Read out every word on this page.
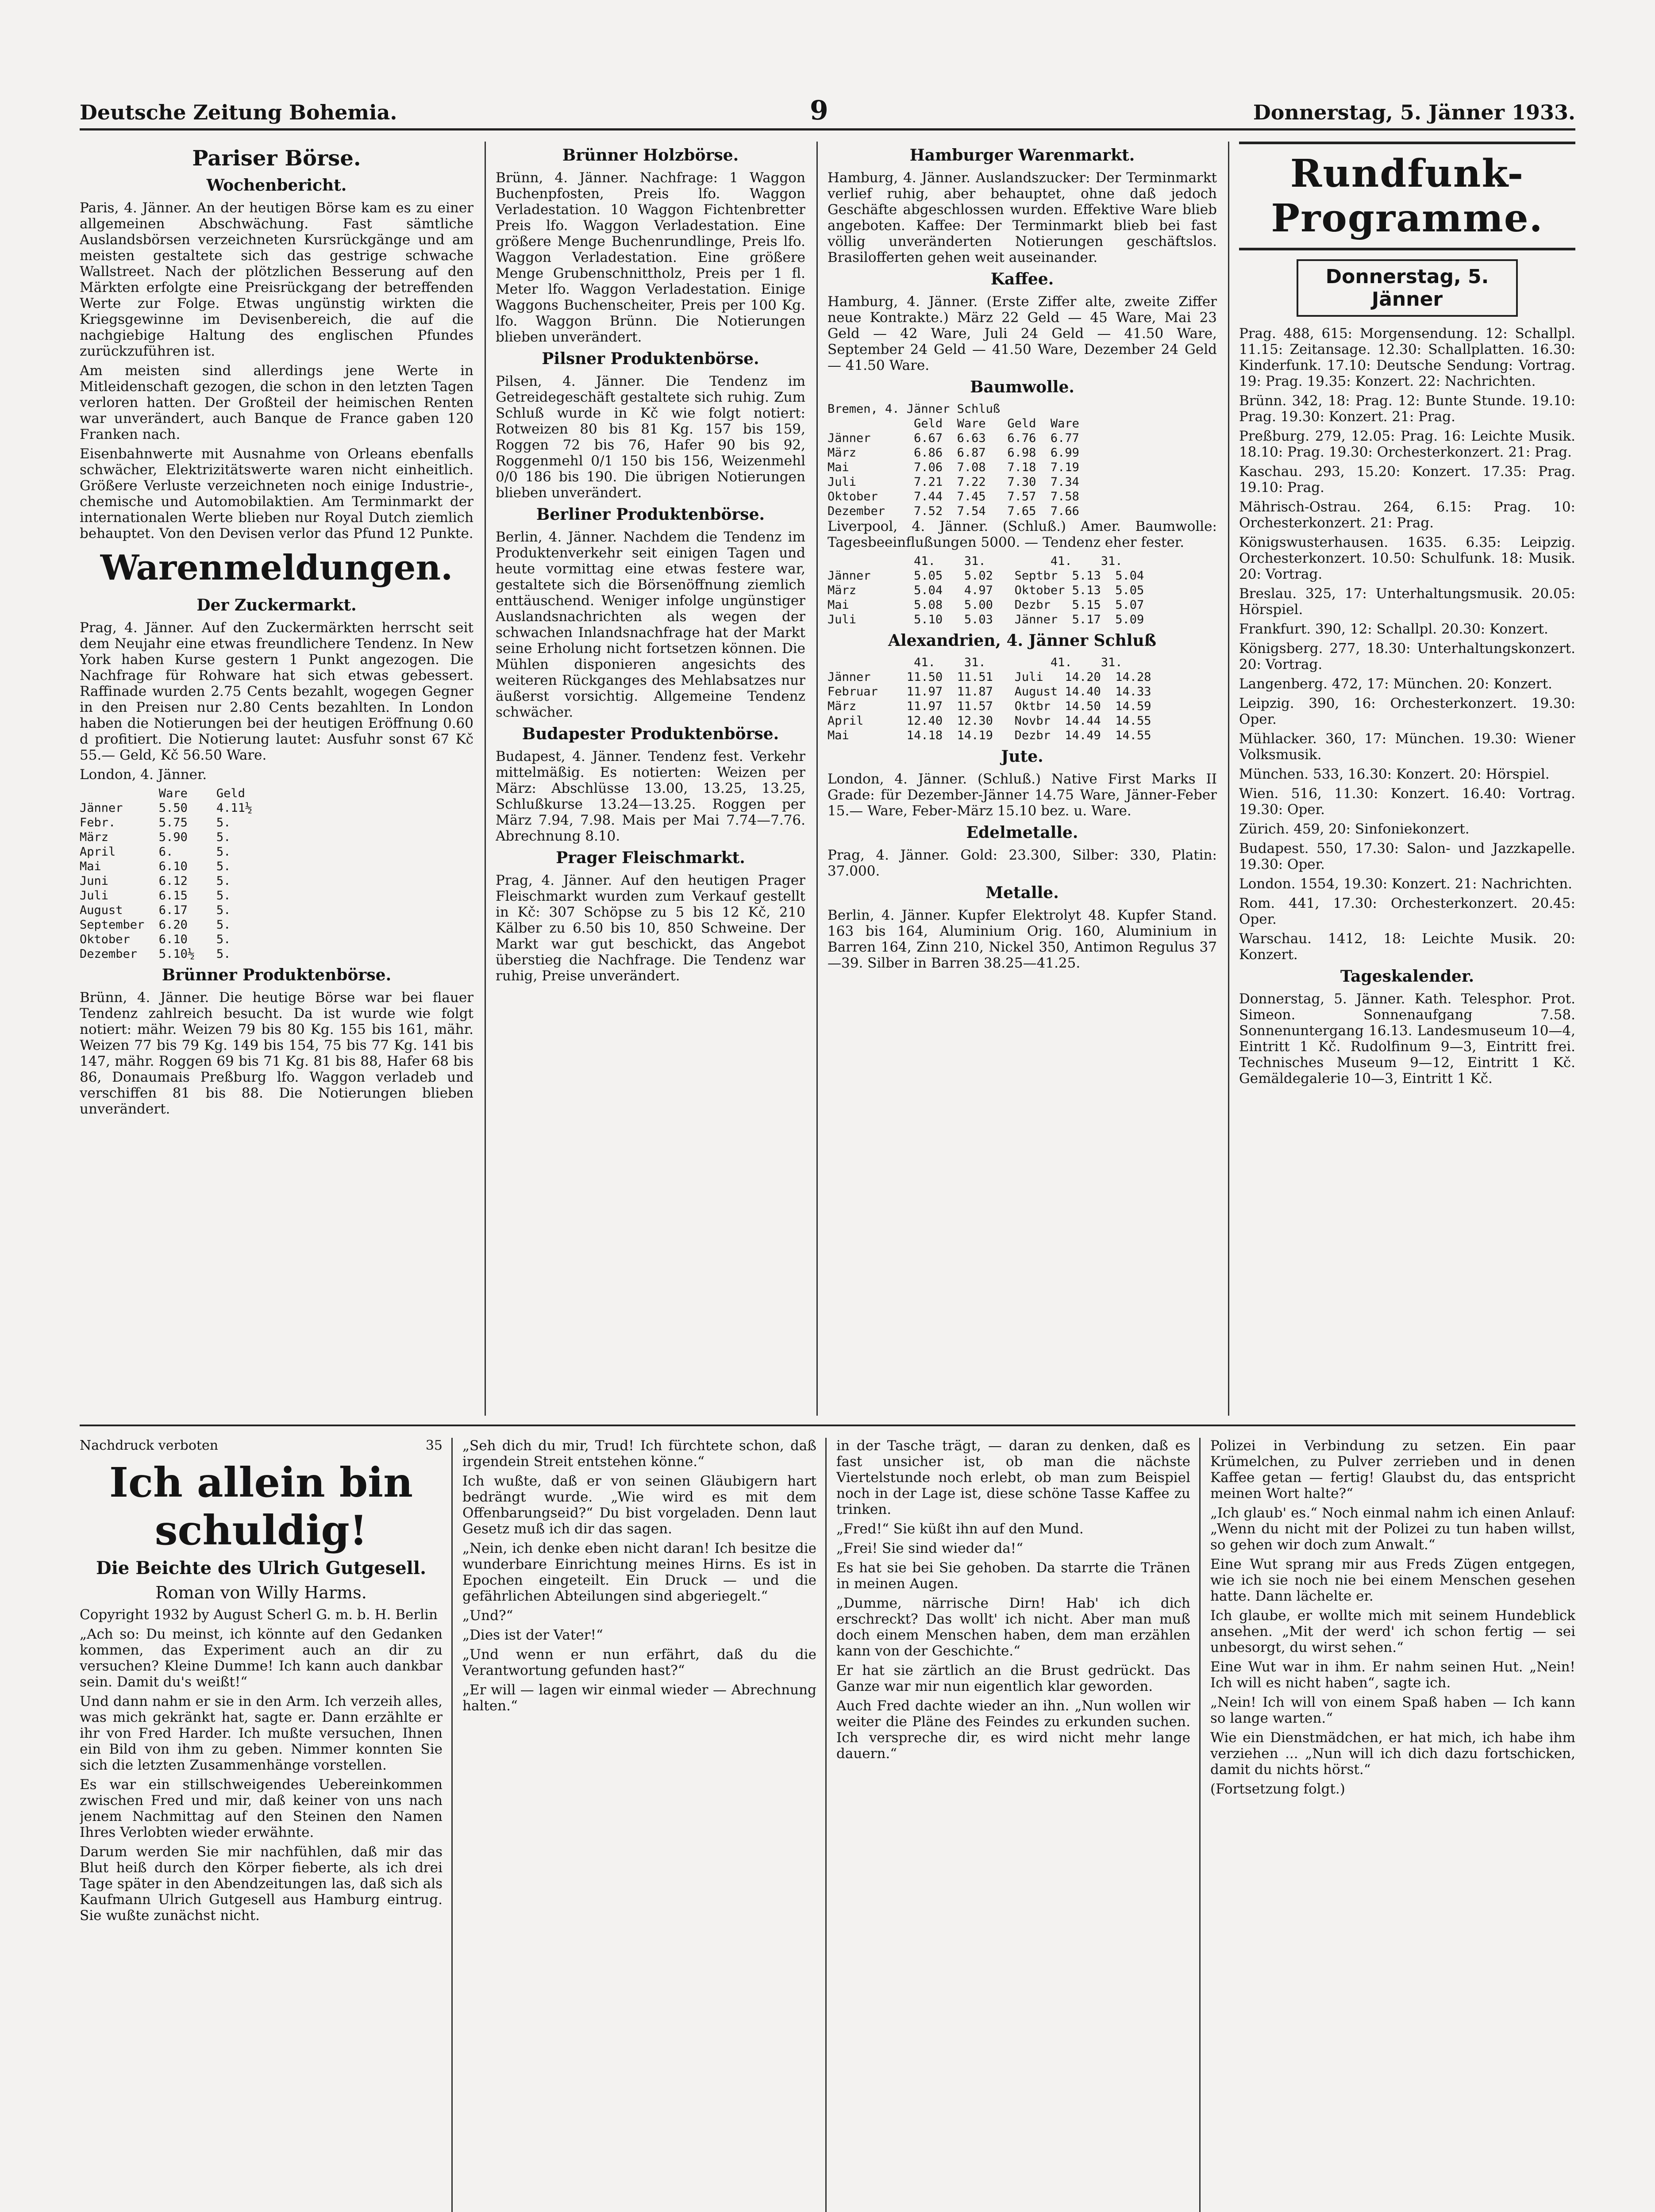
Deutsche Zeitung Bohemia.	9	Donnerstag, 5. Jänner 1933.
Pariser Börse.
Wochenbericht.

Paris, 4. Jänner. An der heutigen Börse kam es zu einer allgemeinen Abschwächung. Fast sämtliche Auslandsbörsen verzeichneten Kursrückgänge und am meisten gestaltete sich das gestrige schwache Wallstreet. Nach der plötzlichen Besserung auf den Märkten erfolgte eine Preisrückgang der betreffenden Werte zur Folge. Etwas ungünstig wirkten die Kriegsgewinne im Devisenbereich, die auf die nachgiebige Haltung des englischen Pfundes zurückzuführen ist.

Am meisten sind allerdings jene Werte in Mitleidenschaft gezogen, die schon in den letzten Tagen verloren hatten. Der Großteil der heimischen Renten war unverändert, auch Banque de France gaben 120 Franken nach.

Eisenbahnwerte mit Ausnahme von Orleans ebenfalls schwächer, Elektrizitätswerte waren nicht einheitlich. Größere Verluste verzeichneten noch einige Industrie-, chemische und Automobilaktien. Am Terminmarkt der internationalen Werte blieben nur Royal Dutch ziemlich behauptet. Von den Devisen verlor das Pfund 12 Punkte.

Warenmeldungen.
Der Zuckermarkt.

Prag, 4. Jänner. Auf den Zuckermärkten herrscht seit dem Neujahr eine etwas freundlichere Tendenz. In New York haben Kurse gestern 1 Punkt angezogen. Die Nachfrage für Rohware hat sich etwas gebessert. Raffinade wurden 2.75 Cents bezahlt, wogegen Gegner in den Preisen nur 2.80 Cents bezahlten. In London haben die Notierungen bei der heutigen Eröffnung 0.60 d profitiert. Die Notierung lautet: Ausfuhr sonst 67 Kč 55.— Geld, Kč 56.50 Ware.

London, 4. Jänner.

Ware    Geld
Jänner     5.50    4.11½
Febr.      5.75    5.
März       5.90    5.
April      6.      5.
Mai        6.10    5.
Juni       6.12    5.
Juli       6.15    5.
August     6.17    5.
September  6.20    5.
Oktober    6.10    5.
Dezember   5.10½   5.
Brünner Produktenbörse.

Brünn, 4. Jänner. Die heutige Börse war bei flauer Tendenz zahlreich besucht. Da ist wurde wie folgt notiert: mähr. Weizen 79 bis 80 Kg. 155 bis 161, mähr. Weizen 77 bis 79 Kg. 149 bis 154, 75 bis 77 Kg. 141 bis 147, mähr. Roggen 69 bis 71 Kg. 81 bis 88, Hafer 68 bis 86, Donaumais Preßburg lfo. Waggon verladeb und verschiffen 81 bis 88. Die Notierungen blieben unverändert.

Brünner Holzbörse.

Brünn, 4. Jänner. Nachfrage: 1 Waggon Buchenpfosten, Preis lfo. Waggon Verladestation. 10 Waggon Fichtenbretter Preis lfo. Waggon Verladestation. Eine größere Menge Buchenrundlinge, Preis lfo. Waggon Verladestation. Eine größere Menge Grubenschnittholz, Preis per 1 fl. Meter lfo. Waggon Verladestation. Einige Waggons Buchenscheiter, Preis per 100 Kg. lfo. Waggon Brünn. Die Notierungen blieben unverändert.

Pilsner Produktenbörse.

Pilsen, 4. Jänner. Die Tendenz im Getreidegeschäft gestaltete sich ruhig. Zum Schluß wurde in Kč wie folgt notiert: Rotweizen 80 bis 81 Kg. 157 bis 159, Roggen 72 bis 76, Hafer 90 bis 92, Roggenmehl 0/1 150 bis 156, Weizenmehl 0/0 186 bis 190. Die übrigen Notierungen blieben unverändert.

Berliner Produktenbörse.

Berlin, 4. Jänner. Nachdem die Tendenz im Produktenverkehr seit einigen Tagen und heute vormittag eine etwas festere war, gestaltete sich die Börsenöffnung ziemlich enttäuschend. Weniger infolge ungünstiger Auslandsnachrichten als wegen der schwachen Inlandsnachfrage hat der Markt seine Erholung nicht fortsetzen können. Die Mühlen disponieren angesichts des weiteren Rückganges des Mehlabsatzes nur äußerst vorsichtig. Allgemeine Tendenz schwächer.

Budapester Produktenbörse.

Budapest, 4. Jänner. Tendenz fest. Verkehr mittelmäßig. Es notierten: Weizen per März: Abschlüsse 13.00, 13.25, 13.25, Schlußkurse 13.24—13.25. Roggen per März 7.94, 7.98. Mais per Mai 7.74—7.76. Abrechnung 8.10.

Prager Fleischmarkt.

Prag, 4. Jänner. Auf den heutigen Prager Fleischmarkt wurden zum Verkauf gestellt in Kč: 307 Schöpse zu 5 bis 12 Kč, 210 Kälber zu 6.50 bis 10, 850 Schweine. Der Markt war gut beschickt, das Angebot überstieg die Nachfrage. Die Tendenz war ruhig, Preise unverändert.

Hamburger Warenmarkt.

Hamburg, 4. Jänner. Auslandszucker: Der Terminmarkt verlief ruhig, aber behauptet, ohne daß jedoch Geschäfte abgeschlossen wurden. Effektive Ware blieb angeboten. Kaffee: Der Terminmarkt blieb bei fast völlig unveränderten Notierungen geschäftslos. Brasilofferten gehen weit auseinander.

Kaffee.

Hamburg, 4. Jänner. (Erste Ziffer alte, zweite Ziffer neue Kontrakte.) März 22 Geld — 45 Ware, Mai 23 Geld — 42 Ware, Juli 24 Geld — 41.50 Ware, September 24 Geld — 41.50 Ware, Dezember 24 Geld — 41.50 Ware.

Baumwolle.
Bremen, 4. Jänner Schluß
Geld  Ware   Geld  Ware
Jänner      6.67  6.63   6.76  6.77
März        6.86  6.87   6.98  6.99
Mai         7.06  7.08   7.18  7.19
Juli        7.21  7.22   7.30  7.34
Oktober     7.44  7.45   7.57  7.58
Dezember    7.52  7.54   7.65  7.66

Liverpool, 4. Jänner. (Schluß.) Amer. Baumwolle: Tagesbeeinflußungen 5000. — Tendenz eher fester.

41.    31.         41.    31.
Jänner      5.05   5.02   Septbr  5.13  5.04
März        5.04   4.97   Oktober 5.13  5.05
Mai         5.08   5.00   Dezbr   5.15  5.07
Juli        5.10   5.03   Jänner  5.17  5.09
Alexandrien, 4. Jänner Schluß
41.    31.         41.    31.
Jänner     11.50  11.51   Juli   14.20  14.28
Februar    11.97  11.87   August 14.40  14.33
März       11.97  11.57   Oktbr  14.50  14.59
April      12.40  12.30   Novbr  14.44  14.55
Mai        14.18  14.19   Dezbr  14.49  14.55
Jute.

London, 4. Jänner. (Schluß.) Native First Marks II Grade: für Dezember-Jänner 14.75 Ware, Jänner-Feber 15.— Ware, Feber-März 15.10 bez. u. Ware.

Edelmetalle.

Prag, 4. Jänner. Gold: 23.300, Silber: 330, Platin: 37.000.

Metalle.

Berlin, 4. Jänner. Kupfer Elektrolyt 48. Kupfer Stand. 163 bis 164, Aluminium Orig. 160, Aluminium in Barren 164, Zinn 210, Nickel 350, Antimon Regulus 37—39. Silber in Barren 38.25—41.25.

Rundfunk-Programme.
Donnerstag, 5. Jänner

Prag. 488, 615: Morgensendung. 12: Schallpl. 11.15: Zeitansage. 12.30: Schallplatten. 16.30: Kinderfunk. 17.10: Deutsche Sendung: Vortrag. 19: Prag. 19.35: Konzert. 22: Nachrichten.

Brünn. 342, 18: Prag. 12: Bunte Stunde. 19.10: Prag. 19.30: Konzert. 21: Prag.

Preßburg. 279, 12.05: Prag. 16: Leichte Musik. 18.10: Prag. 19.30: Orchesterkonzert. 21: Prag.

Kaschau. 293, 15.20: Konzert. 17.35: Prag. 19.10: Prag.

Mährisch-Ostrau. 264, 6.15: Prag. 10: Orchesterkonzert. 21: Prag.

Königswusterhausen. 1635. 6.35: Leipzig. Orchesterkonzert. 10.50: Schulfunk. 18: Musik. 20: Vortrag.

Breslau. 325, 17: Unterhaltungsmusik. 20.05: Hörspiel.

Frankfurt. 390, 12: Schallpl. 20.30: Konzert.

Königsberg. 277, 18.30: Unterhaltungskonzert. 20: Vortrag.

Langenberg. 472, 17: München. 20: Konzert.

Leipzig. 390, 16: Orchesterkonzert. 19.30: Oper.

Mühlacker. 360, 17: München. 19.30: Wiener Volksmusik.

München. 533, 16.30: Konzert. 20: Hörspiel.

Wien. 516, 11.30: Konzert. 16.40: Vortrag. 19.30: Oper.

Zürich. 459, 20: Sinfoniekonzert.

Budapest. 550, 17.30: Salon- und Jazzkapelle. 19.30: Oper.

London. 1554, 19.30: Konzert. 21: Nachrichten.

Rom. 441, 17.30: Orchesterkonzert. 20.45: Oper.

Warschau. 1412, 18: Leichte Musik. 20: Konzert.

Tageskalender.

Donnerstag, 5. Jänner. Kath. Telesphor. Prot. Simeon. Sonnenaufgang 7.58. Sonnenuntergang 16.13. Landesmuseum 10—4, Eintritt 1 Kč. Rudolfinum 9—3, Eintritt frei. Technisches Museum 9—12, Eintritt 1 Kč. Gemäldegalerie 10—3, Eintritt 1 Kč.

Nachdruck verboten	35
Ich allein bin schuldig!
Die Beichte des Ulrich Gutgesell.
Roman von Willy Harms.

Copyright 1932 by August Scherl G. m. b. H. Berlin

„Ach so: Du meinst, ich könnte auf den Gedanken kommen, das Experiment auch an dir zu versuchen? Kleine Dumme! Ich kann auch dankbar sein. Damit du's weißt!“

Und dann nahm er sie in den Arm. Ich verzeih alles, was mich gekränkt hat, sagte er. Dann erzählte er ihr von Fred Harder. Ich mußte versuchen, Ihnen ein Bild von ihm zu geben. Nimmer konnten Sie sich die letzten Zusammenhänge vorstellen.

Es war ein stillschweigendes Uebereinkommen zwischen Fred und mir, daß keiner von uns nach jenem Nachmittag auf den Steinen den Namen Ihres Verlobten wieder erwähnte.

Darum werden Sie mir nachfühlen, daß mir das Blut heiß durch den Körper fieberte, als ich drei Tage später in den Abendzeitungen las, daß sich als Kaufmann Ulrich Gutgesell aus Hamburg eintrug. Sie wußte zunächst nicht.

„Seh dich du mir, Trud! Ich fürchtete schon, daß irgendein Streit entstehen könne.“

Ich wußte, daß er von seinen Gläubigern hart bedrängt wurde. „Wie wird es mit dem Offenbarungseid?“ Du bist vorgeladen. Denn laut Gesetz muß ich dir das sagen.

„Nein, ich denke eben nicht daran! Ich besitze die wunderbare Einrichtung meines Hirns. Es ist in Epochen eingeteilt. Ein Druck — und die gefährlichen Abteilungen sind abgeriegelt.“

„Und?“

„Dies ist der Vater!“

„Und wenn er nun erfährt, daß du die Verantwortung gefunden hast?“

„Er will — lagen wir einmal wieder — Abrechnung halten.“

in der Tasche trägt, — daran zu denken, daß es fast unsicher ist, ob man die nächste Viertelstunde noch erlebt, ob man zum Beispiel noch in der Lage ist, diese schöne Tasse Kaffee zu trinken.

„Fred!“ Sie küßt ihn auf den Mund.

„Frei! Sie sind wieder da!“

Es hat sie bei Sie gehoben. Da starrte die Tränen in meinen Augen.

„Dumme, närrische Dirn! Hab' ich dich erschreckt? Das wollt' ich nicht. Aber man muß doch einem Menschen haben, dem man erzählen kann von der Geschichte.“

Er hat sie zärtlich an die Brust gedrückt. Das Ganze war mir nun eigentlich klar geworden.

Auch Fred dachte wieder an ihn. „Nun wollen wir weiter die Pläne des Feindes zu erkunden suchen. Ich verspreche dir, es wird nicht mehr lange dauern.“

Polizei in Verbindung zu setzen. Ein paar Krümelchen, zu Pulver zerrieben und in denen Kaffee getan — fertig! Glaubst du, das entspricht meinen Wort halte?“

„Ich glaub' es.“ Noch einmal nahm ich einen Anlauf: „Wenn du nicht mit der Polizei zu tun haben willst, so gehen wir doch zum Anwalt.“

Eine Wut sprang mir aus Freds Zügen entgegen, wie ich sie noch nie bei einem Menschen gesehen hatte. Dann lächelte er.

Ich glaube, er wollte mich mit seinem Hundeblick ansehen. „Mit der werd' ich schon fertig — sei unbesorgt, du wirst sehen.“

Eine Wut war in ihm. Er nahm seinen Hut. „Nein! Ich will es nicht haben“, sagte ich.

„Nein! Ich will von einem Spaß haben — Ich kann so lange warten.“

Wie ein Dienstmädchen, er hat mich, ich habe ihm verziehen ... „Nun will ich dich dazu fortschicken, damit du nichts hörst.“

(Fortsetzung folgt.)
